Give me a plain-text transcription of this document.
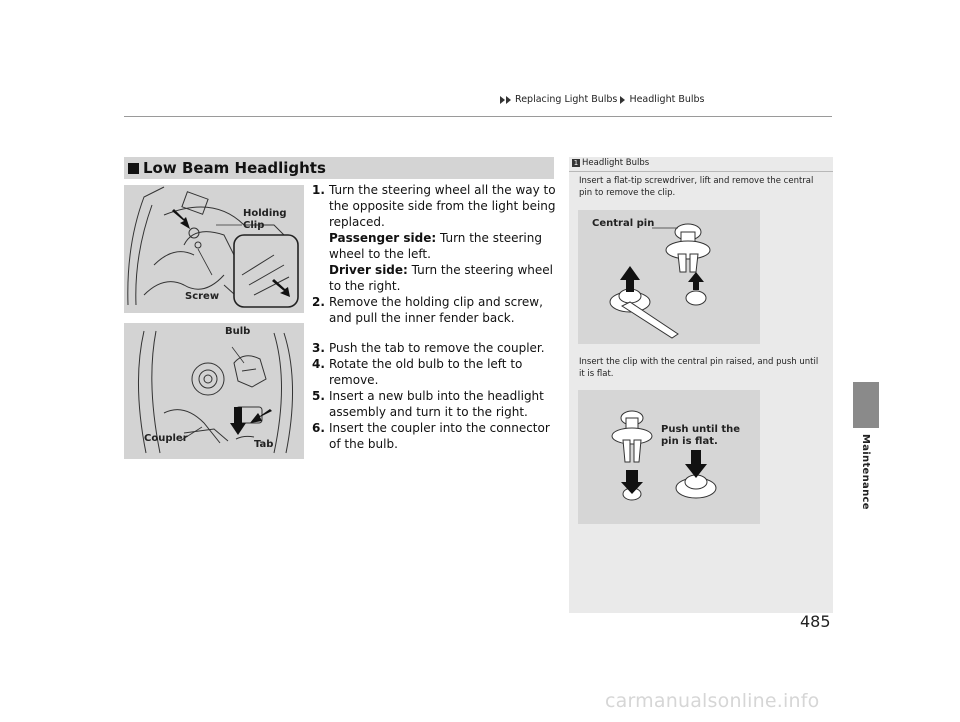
Replacing Light Bulbs Headlight Bulbs
Low Beam Headlights
Holding
Clip
Screw
Bulb
Coupler
Tab
1. Turn the steering wheel all the way to the opposite side from the light being replaced.
Passenger side: Turn the steering wheel to the left.
Driver side: Turn the steering wheel to the right.
2. Remove the holding clip and screw, and pull the inner fender back.
3. Push the tab to remove the coupler.
4. Rotate the old bulb to the left to remove.
5. Insert a new bulb into the headlight assembly and turn it to the right.
6. Insert the coupler into the connector of the bulb.
1 Headlight Bulbs
Insert a flat-tip screwdriver, lift and remove the central pin to remove the clip.
Central pin
Insert the clip with the central pin raised, and push until it is flat.
Push until the
pin is flat.	Maintenance
485
carmanualsonline.info
